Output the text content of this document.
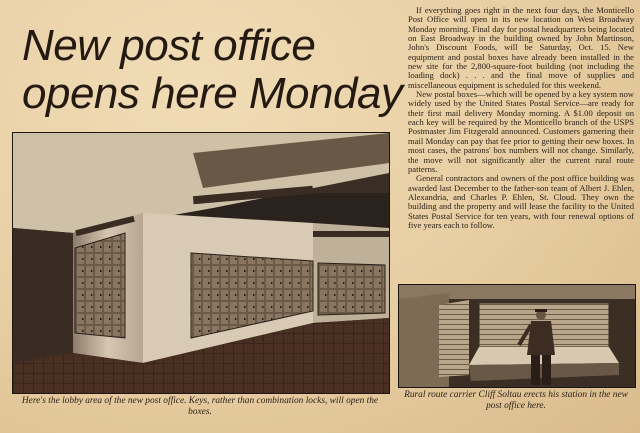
New post office
opens here Monday

If everything goes right in the next four days, the Monticello Post Office will open in its new location on West Broadway Monday morning. Final day for postal headquarters being located on East Broadway in the building owned by John Martinson, John's Discount Foods, will be Saturday, Oct. 15. New equipment and postal boxes have already been installed in the new site for the 2,800-square-foot building (not including the loading dock) . . . and the final move of supplies and miscellaneous equipment is scheduled for this weekend.

New postal boxes—which will be opened by a key system now widely used by the United States Postal Service—are ready for their first mail delivery Monday morning. A $1.00 deposit on each key will be required by the Monticello branch of the USPS Postmaster Jim Fitzgerald announced. Customers garnering their mail Monday can pay that fee prior to getting their new boxes. In most cases, the patrons' box numbers will not change. Similarly, the move will not significantly alter the current rural route patterns.

General contractors and owners of the post office building was awarded last December to the father-son team of Albert J. Ehlen, Alexandria, and Charles P. Ehlen, St. Cloud. They own the building and the property and will lease the facility to the United States Postal Service for ten years, with four renewal options of five years each to follow.

Here's the lobby area of the new post office. Keys, rather than combination locks, will open the boxes.
Rural route carrier Cliff Soltau erects his station in the new post office here.
